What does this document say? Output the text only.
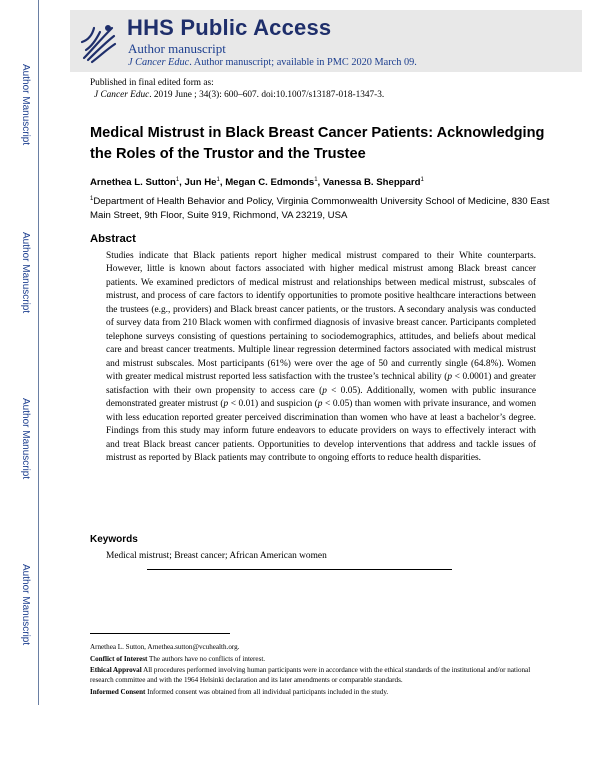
Author Manuscript
Author Manuscript
Author Manuscript
Author Manuscript
HHS Public Access
Author manuscript
J Cancer Educ. Author manuscript; available in PMC 2020 March 09.
Published in final edited form as:
J Cancer Educ. 2019 June ; 34(3): 600–607. doi:10.1007/s13187-018-1347-3.
Medical Mistrust in Black Breast Cancer Patients: Acknowledging the Roles of the Trustor and the Trustee
Arnethea L. Sutton$^1$, Jun He$^1$, Megan C. Edmonds$^1$, Vanessa B. Sheppard$^1$
$^1$Department of Health Behavior and Policy, Virginia Commonwealth University School of Medicine, 830 East Main Street, 9th Floor, Suite 919, Richmond, VA 23219, USA
Abstract
Studies indicate that Black patients report higher medical mistrust compared to their White counterparts. However, little is known about factors associated with higher medical mistrust among Black breast cancer patients. We examined predictors of medical mistrust and relationships between medical mistrust, subscales of mistrust, and process of care factors to identify opportunities to promote positive healthcare interactions between the trustees (e.g., providers) and Black breast cancer patients, or the trustors. A secondary analysis was conducted of survey data from 210 Black women with confirmed diagnosis of invasive breast cancer. Participants completed telephone surveys consisting of questions pertaining to sociodemographics, attitudes, and beliefs about medical care and breast cancer treatments. Multiple linear regression determined factors associated with medical mistrust and mistrust subscales. Most participants (61%) were over the age of 50 and currently single (64.8%). Women with greater medical mistrust reported less satisfaction with the trustee’s technical ability (p < 0.0001) and greater satisfaction with their own propensity to access care (p < 0.05). Additionally, women with public insurance demonstrated greater mistrust (p < 0.01) and suspicion (p < 0.05) than women with private insurance, and women with less education reported greater perceived discrimination than women who have at least a bachelor’s degree. Findings from this study may inform future endeavors to educate providers on ways to effectively interact with and treat Black breast cancer patients. Opportunities to develop interventions that address and tackle issues of mistrust as reported by Black patients may contribute to ongoing efforts to reduce health disparities.
Keywords
Medical mistrust; Breast cancer; African American women

Arnethea L. Sutton, Arnethea.sutton@vcuhealth.org.

Conflict of Interest The authors have no conflicts of interest.

Ethical Approval All procedures performed involving human participants were in accordance with the ethical standards of the institutional and/or national research committee and with the 1964 Helsinki declaration and its later amendments or comparable standards.

Informed Consent Informed consent was obtained from all individual participants included in the study.
